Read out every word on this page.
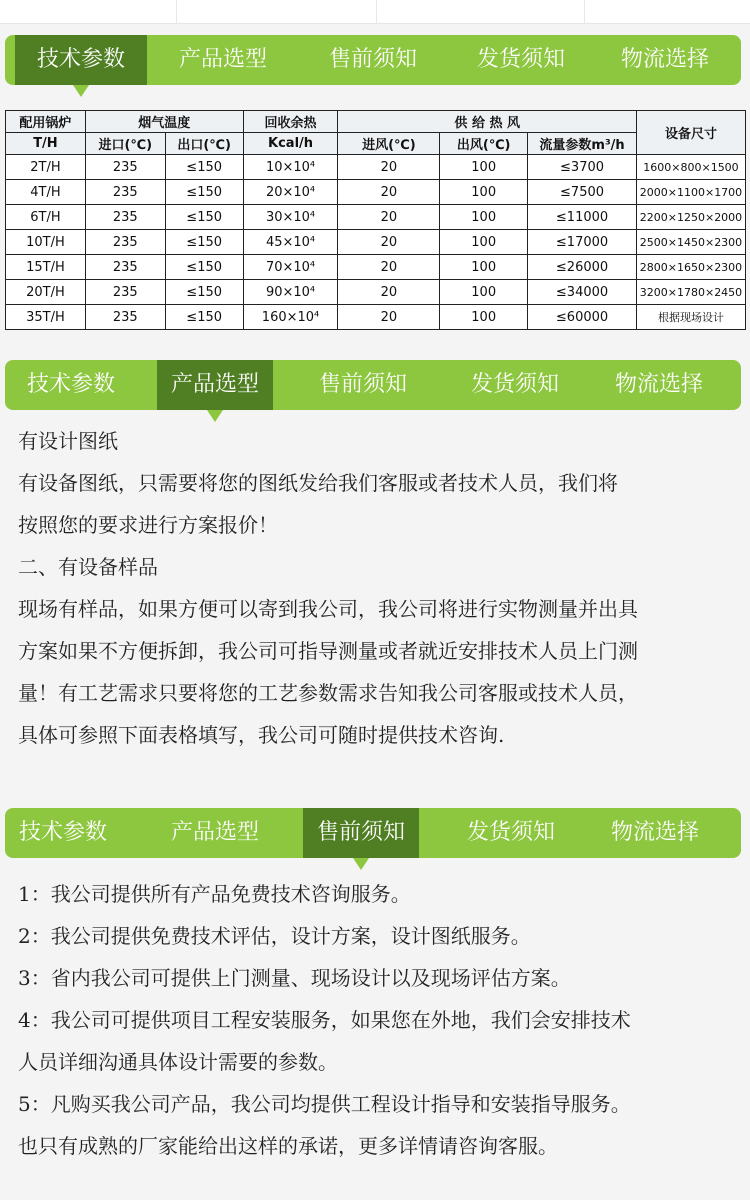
技术参数	产品选型	售前须知	发货须知	物流选择
配用锅炉	烟气温度		回收余热	供 给 热 风			设备尺寸
T/H	进口(℃)	出口(℃)	Kcal/h	进风(℃)	出风(℃)	流量参数m³/h	
2T/H	235	≤150	10×10⁴	20	100	≤3700	1600×800×1500
4T/H	235	≤150	20×10⁴	20	100	≤7500	2000×1100×1700
6T/H	235	≤150	30×10⁴	20	100	≤11000	2200×1250×2000
10T/H	235	≤150	45×10⁴	20	100	≤17000	2500×1450×2300
15T/H	235	≤150	70×10⁴	20	100	≤26000	2800×1650×2300
20T/H	235	≤150	90×10⁴	20	100	≤34000	3200×1780×2450
35T/H	235	≤150	160×10⁴	20	100	≤60000	根据现场设计
技术参数	产品选型	售前须知	发货须知	物流选择

有设计图纸

有设备图纸，只需要将您的图纸发给我们客服或者技术人员，我们将

按照您的要求进行方案报价！

二、有设备样品

现场有样品，如果方便可以寄到我公司，我公司将进行实物测量并出具

方案如果不方便拆卸，我公司可指导测量或者就近安排技术人员上门测

量！有工艺需求只要将您的工艺参数需求告知我公司客服或技术人员，

具体可参照下面表格填写，我公司可随时提供技术咨询.

技术参数	产品选型	售前须知	发货须知	物流选择

1：我公司提供所有产品免费技术咨询服务。

2：我公司提供免费技术评估，设计方案，设计图纸服务。

3：省内我公司可提供上门测量、现场设计以及现场评估方案。

4：我公司可提供项目工程安装服务，如果您在外地，我们会安排技术

人员详细沟通具体设计需要的参数。

5：凡购买我公司产品，我公司均提供工程设计指导和安装指导服务。

也只有成熟的厂家能给出这样的承诺，更多详情请咨询客服。
